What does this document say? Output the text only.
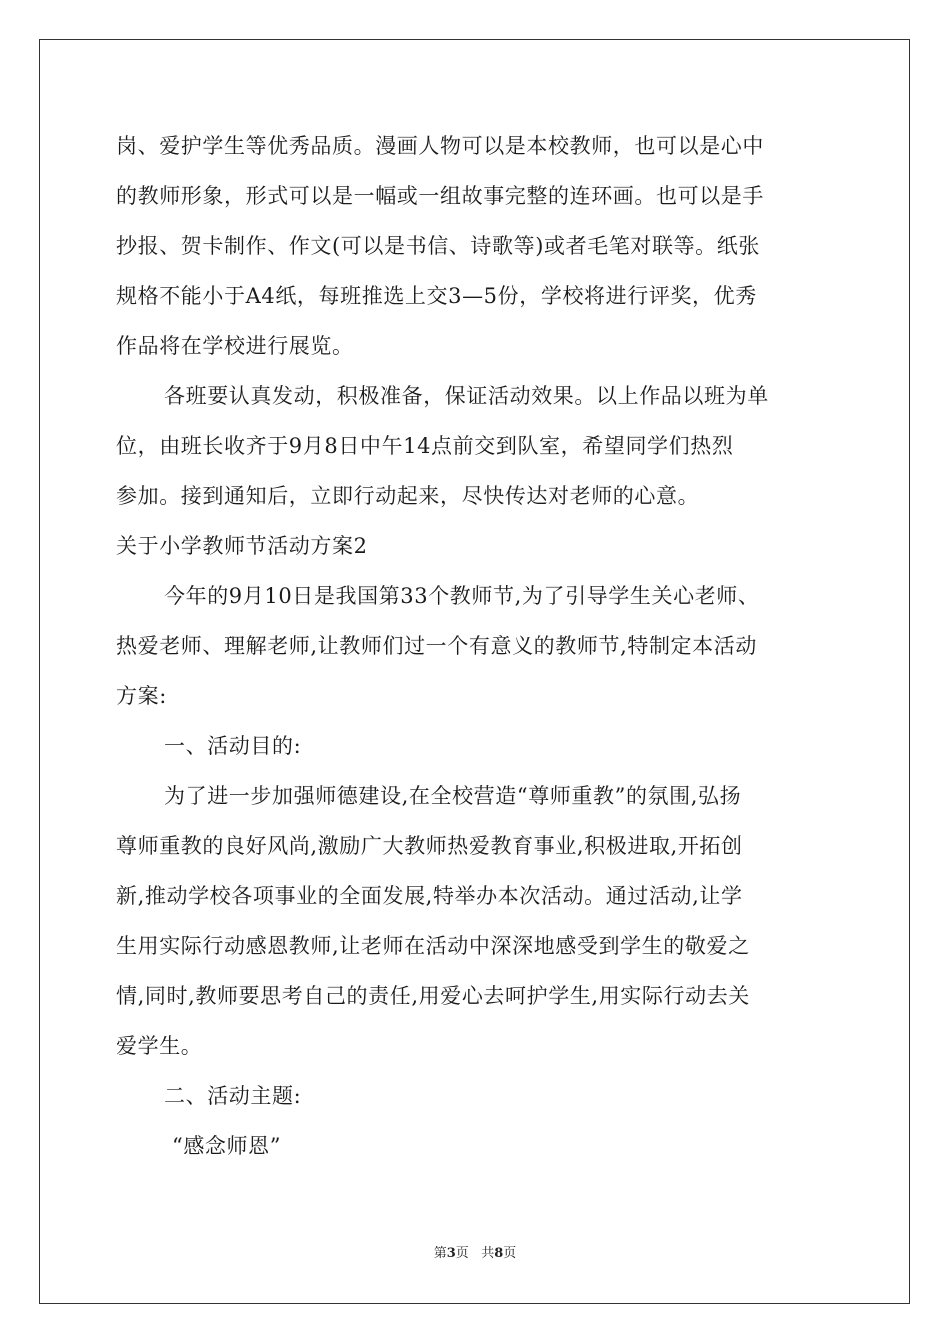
岗、爱护学生等优秀品质。漫画人物可以是本校教师，也可以是心中
的教师形象，形式可以是一幅或一组故事完整的连环画。也可以是手
抄报、贺卡制作、作文(可以是书信、诗歌等)或者毛笔对联等。纸张
规格不能小于A4纸，每班推选上交3—5份，学校将进行评奖，优秀
作品将在学校进行展览。
各班要认真发动，积极准备，保证活动效果。以上作品以班为单
位，由班长收齐于9月8日中午14点前交到队室，希望同学们热烈
参加。接到通知后，立即行动起来，尽快传达对老师的心意。
关于小学教师节活动方案2
今年的9月10日是我国第33个教师节,为了引导学生关心老师、
热爱老师、理解老师,让教师们过一个有意义的教师节,特制定本活动
方案:
一、活动目的:
为了进一步加强师德建设,在全校营造“尊师重教”的氛围,弘扬
尊师重教的良好风尚,激励广大教师热爱教育事业,积极进取,开拓创
新,推动学校各项事业的全面发展,特举办本次活动。通过活动,让学
生用实际行动感恩教师,让老师在活动中深深地感受到学生的敬爱之
情,同时,教师要思考自己的责任,用爱心去呵护学生,用实际行动去关
爱学生。
二、活动主题:
“感念师恩”
第3页 共8页
